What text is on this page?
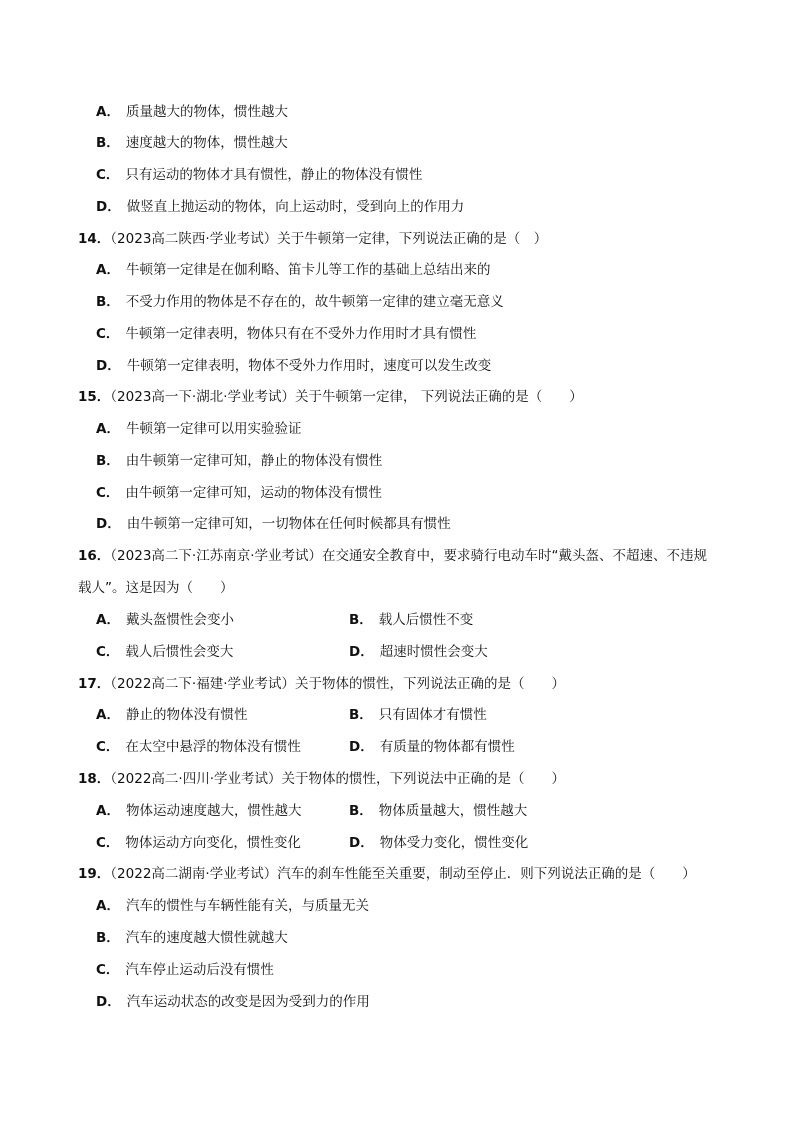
A． 质量越大的物体，惯性越大
B． 速度越大的物体，惯性越大
C． 只有运动的物体才具有惯性，静止的物体没有惯性
D． 做竖直上抛运动的物体，向上运动时，受到向上的作用力
14．（2023高二陕西·学业考试）关于牛顿第一定律，下列说法正确的是（　）
A． 牛顿第一定律是在伽利略、笛卡儿等工作的基础上总结出来的
B． 不受力作用的物体是不存在的，故牛顿第一定律的建立毫无意义
C． 牛顿第一定律表明，物体只有在不受外力作用时才具有惯性
D． 牛顿第一定律表明，物体不受外力作用时，速度可以发生改变
15．（2023高一下·湖北·学业考试）关于牛顿第一定律， 下列说法正确的是（　　）
A． 牛顿第一定律可以用实验验证
B． 由牛顿第一定律可知，静止的物体没有惯性
C． 由牛顿第一定律可知，运动的物体没有惯性
D． 由牛顿第一定律可知，一切物体在任何时候都具有惯性
16．（2023高二下·江苏南京·学业考试）在交通安全教育中，要求骑行电动车时“戴头盔、不超速、不违规
载人”。这是因为（　　）
A． 戴头盔惯性会变小	B． 载人后惯性不变
C． 载人后惯性会变大	D． 超速时惯性会变大
17．（2022高二下·福建·学业考试）关于物体的惯性，下列说法正确的是（　　）
A． 静止的物体没有惯性	B． 只有固体才有惯性
C． 在太空中悬浮的物体没有惯性	D． 有质量的物体都有惯性
18．（2022高二·四川·学业考试）关于物体的惯性，下列说法中正确的是（　　）
A． 物体运动速度越大，惯性越大	B． 物体质量越大，惯性越大
C． 物体运动方向变化，惯性变化	D． 物体受力变化，惯性变化
19．（2022高二湖南·学业考试）汽车的刹车性能至关重要，制动至停止．则下列说法正确的是（　　）
A． 汽车的惯性与车辆性能有关，与质量无关
B． 汽车的速度越大惯性就越大
C． 汽车停止运动后没有惯性
D． 汽车运动状态的改变是因为受到力的作用
